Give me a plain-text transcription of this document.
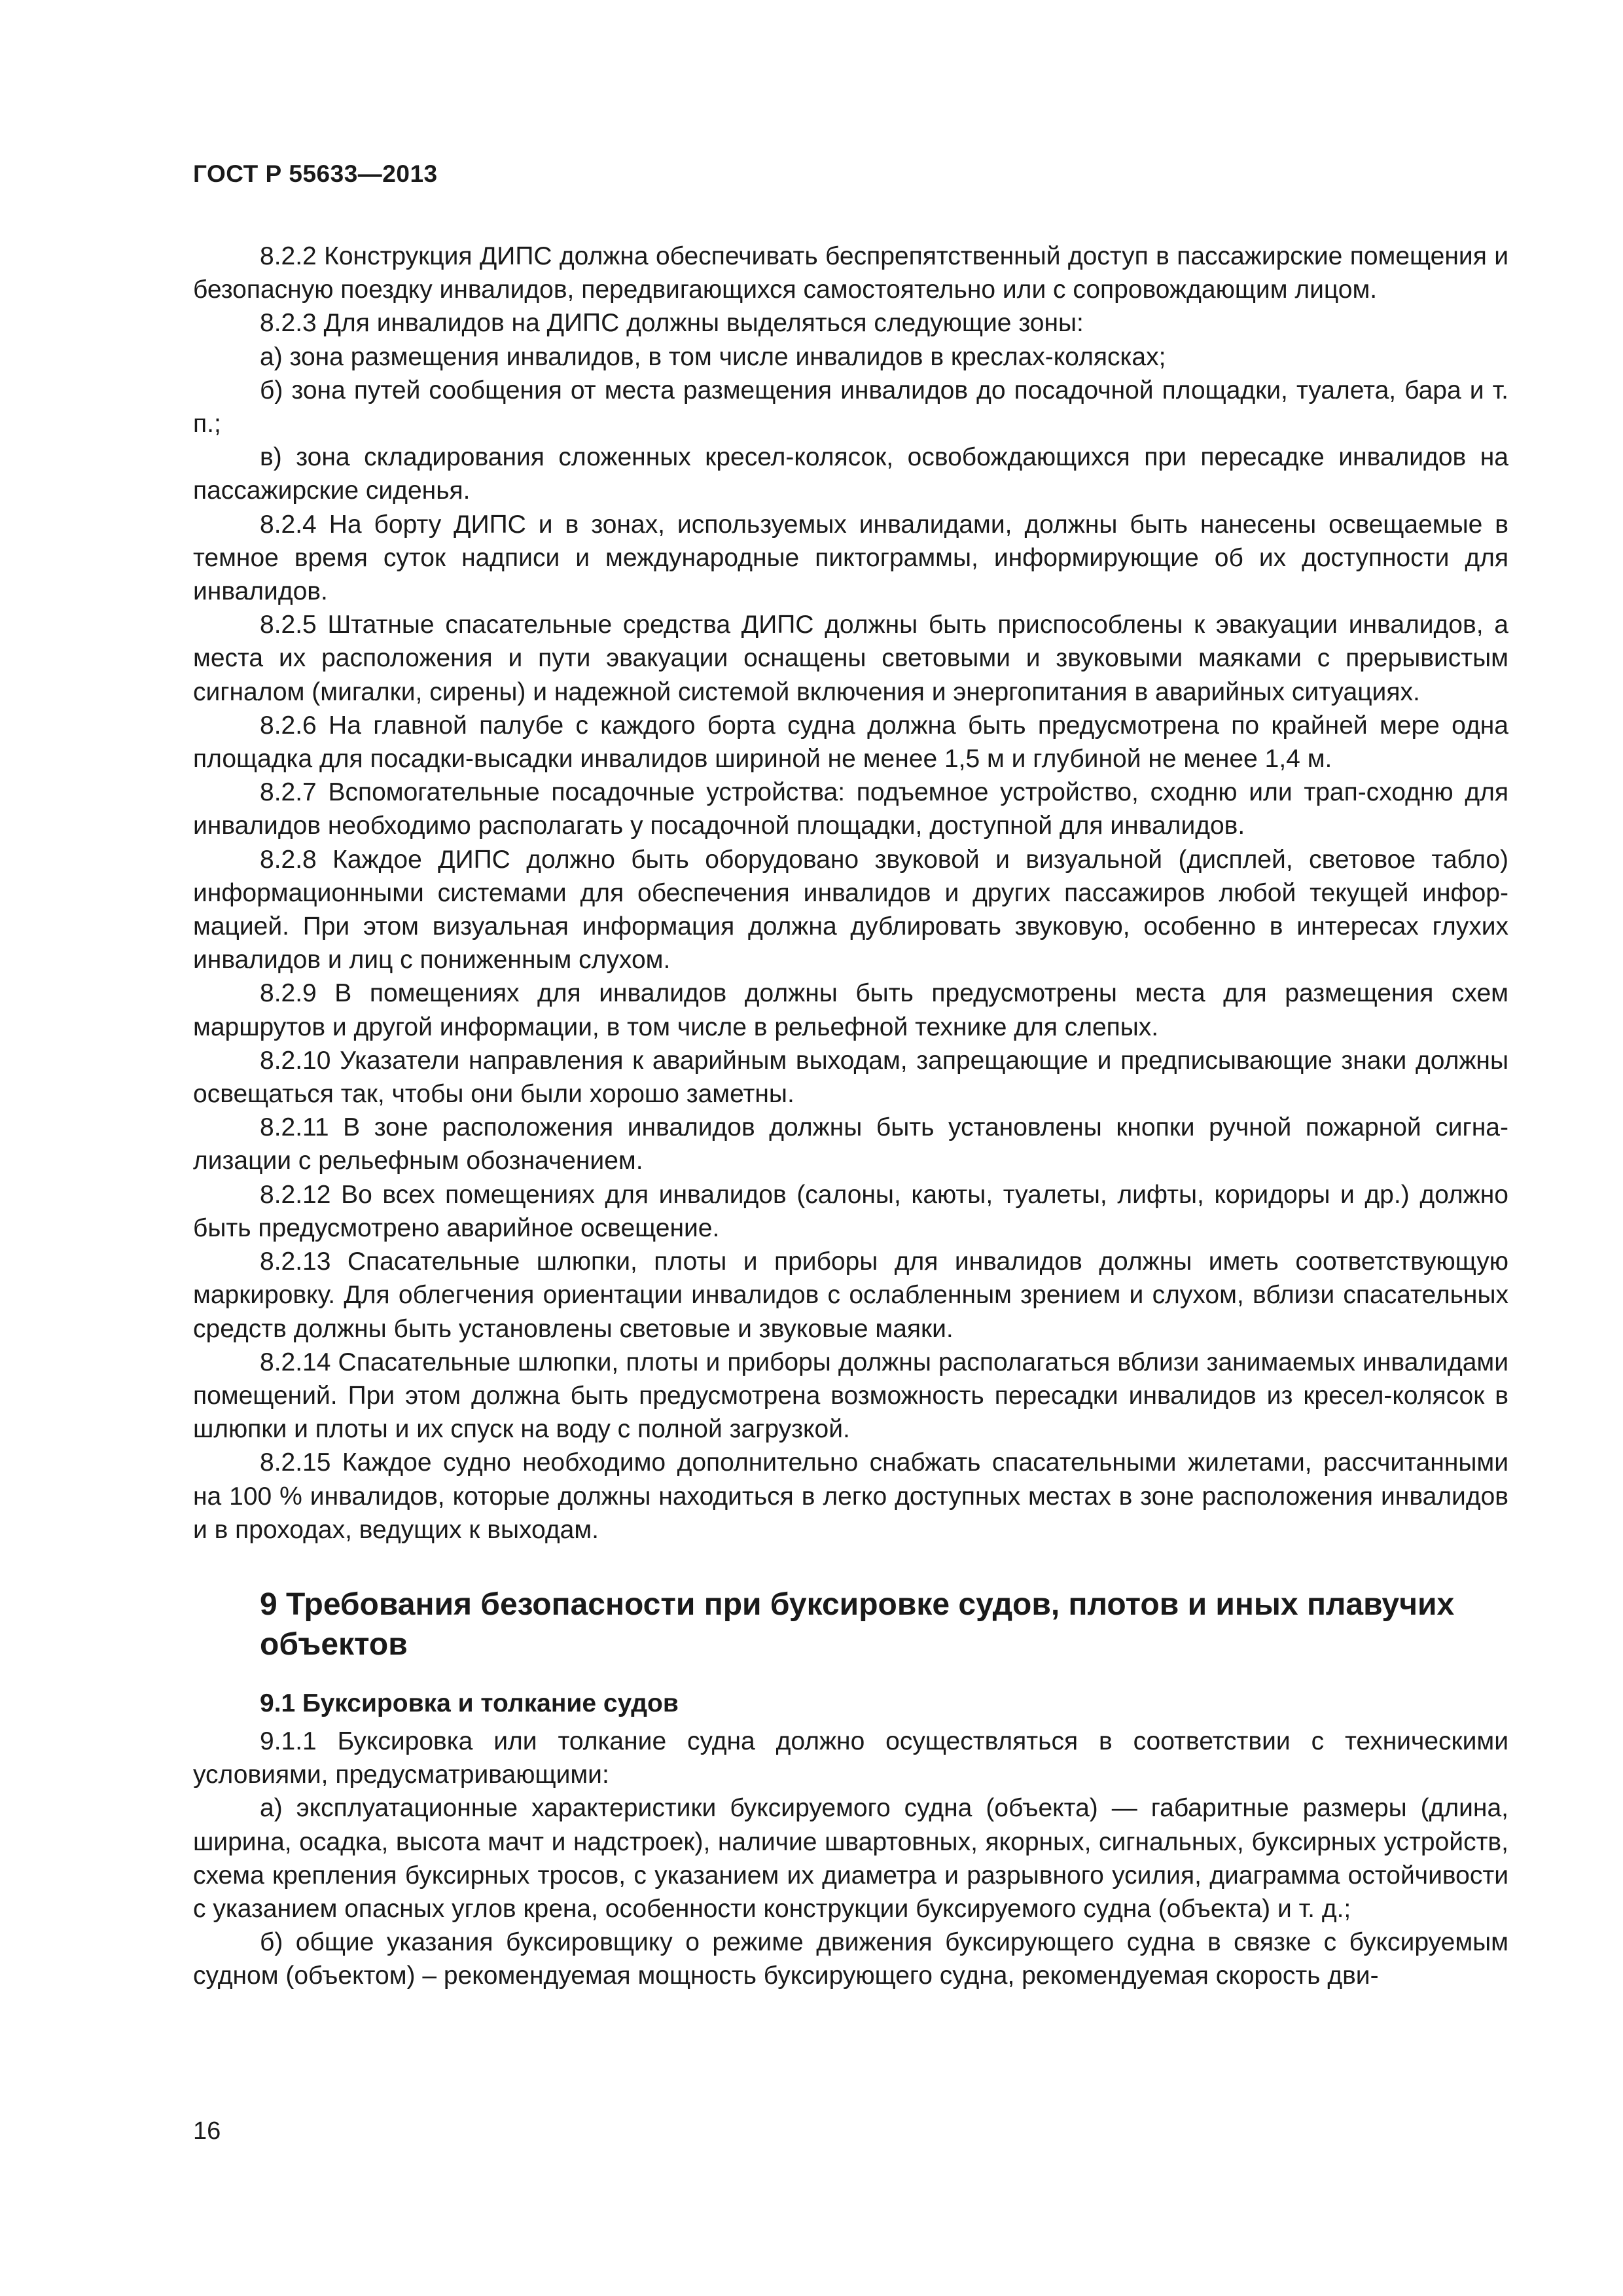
ГОСТ Р 55633—2013

8.2.2 Конструкция ДИПС должна обеспечивать беспрепятственный доступ в пассажирские помещения и безопасную поездку инвалидов, передвигающихся самостоятельно или с сопровождающим лицом.

8.2.3 Для инвалидов на ДИПС должны выделяться следующие зоны:

а) зона размещения инвалидов, в том числе инвалидов в креслах-колясках;

б) зона путей сообщения от места размещения инвалидов до посадочной площадки, туалета, бара и т. п.;

в) зона складирования сложенных кресел-колясок, освобождающихся при пересадке инвалидов на пассажирские сиденья.

8.2.4 На борту ДИПС и в зонах, используемых инвалидами, должны быть нанесены освещаемые в темное время суток надписи и международные пиктограммы, информирующие об их доступности для инвалидов.

8.2.5 Штатные спасательные средства ДИПС должны быть приспособлены к эвакуации инвалидов, а места их расположения и пути эвакуации оснащены световыми и звуковыми маяками с прерывистым сигналом (мигалки, сирены) и надежной системой включения и энергопитания в аварийных ситуациях.

8.2.6 На главной палубе с каждого борта судна должна быть предусмотрена по крайней мере одна площадка для посадки-высадки инвалидов шириной не менее 1,5 м и глубиной не менее 1,4 м.

8.2.7 Вспомогательные посадочные устройства: подъемное устройство, сходню или трап-сходню для инвалидов необходимо располагать у посадочной площадки, доступной для инвалидов.

8.2.8 Каждое ДИПС должно быть оборудовано звуковой и визуальной (дисплей, световое табло) информационными системами для обеспечения инвалидов и других пассажиров любой текущей информацией. При этом визуальная информация должна дублировать звуковую, особенно в интересах глухих инвалидов и лиц с пониженным слухом.

8.2.9 В помещениях для инвалидов должны быть предусмотрены места для размещения схем маршрутов и другой информации, в том числе в рельефной технике для слепых.

8.2.10 Указатели направления к аварийным выходам, запрещающие и предписывающие знаки должны освещаться так, чтобы они были хорошо заметны.

8.2.11 В зоне расположения инвалидов должны быть установлены кнопки ручной пожарной сигнализации с рельефным обозначением.

8.2.12 Во всех помещениях для инвалидов (салоны, каюты, туалеты, лифты, коридоры и др.) должно быть предусмотрено аварийное освещение.

8.2.13 Спасательные шлюпки, плоты и приборы для инвалидов должны иметь соответствующую маркировку. Для облегчения ориентации инвалидов с ослабленным зрением и слухом, вблизи спасательных средств должны быть установлены световые и звуковые маяки.

8.2.14 Спасательные шлюпки, плоты и приборы должны располагаться вблизи занимаемых инвалидами помещений. При этом должна быть предусмотрена возможность пересадки инвалидов из кресел-колясок в шлюпки и плоты и их спуск на воду с полной загрузкой.

8.2.15 Каждое судно необходимо дополнительно снабжать спасательными жилетами, рассчитанными на 100 % инвалидов, которые должны находиться в легко доступных местах в зоне расположения инвалидов и в проходах, ведущих к выходам.

9 Требования безопасности при буксировке судов, плотов и иных плавучих объектов
9.1 Буксировка и толкание судов

9.1.1 Буксировка или толкание судна должно осуществляться в соответствии с техническими условиями, предусматривающими:

а) эксплуатационные характеристики буксируемого судна (объекта) — габаритные размеры (длина, ширина, осадка, высота мачт и надстроек), наличие швартовных, якорных, сигнальных, буксирных устройств, схема крепления буксирных тросов, с указанием их диаметра и разрывного усилия, диаграмма остойчивости с указанием опасных углов крена, особенности конструкции буксируемого судна (объекта) и т. д.;

б) общие указания буксировщику о режиме движения буксирующего судна в связке с буксируемым судном (объектом) – рекомендуемая мощность буксирующего судна, рекомендуемая скорость дви-

16
